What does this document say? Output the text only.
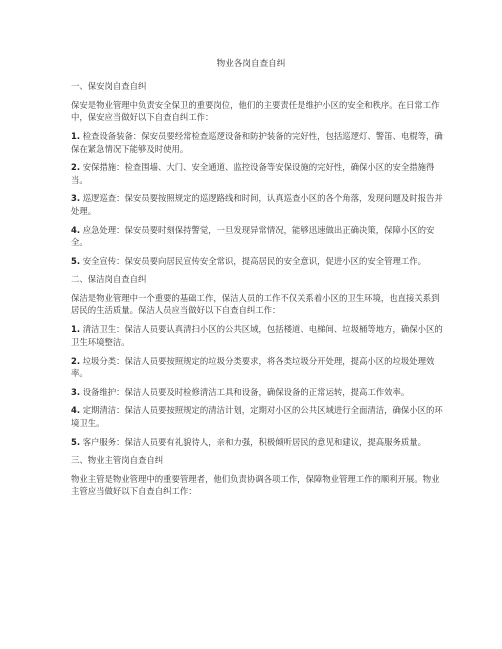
物业各岗自查自纠

一、保安岗自查自纠

保安是物业管理中负责安全保卫的重要岗位，他们的主要责任是维护小区的安全和秩序。在日常工作中，保安应当做好以下自查自纠工作：

1. 检查设备装备：保安员要经常检查巡逻设备和防护装备的完好性，包括巡逻灯、警笛、电棍等，确保在紧急情况下能够及时使用。

2. 安保措施：检查围墙、大门、安全通道、监控设备等安保设施的完好性，确保小区的安全措施得当。

3. 巡逻巡查：保安员要按照规定的巡逻路线和时间，认真巡查小区的各个角落，发现问题及时报告并处理。

4. 应急处理：保安员要时刻保持警觉，一旦发现异常情况，能够迅速做出正确决策，保障小区的安全。

5. 安全宣传：保安员要向居民宣传安全常识，提高居民的安全意识，促进小区的安全管理工作。

二、保洁岗自查自纠

保洁是物业管理中一个重要的基础工作，保洁人员的工作不仅关系着小区的卫生环境，也直接关系到居民的生活质量。保洁人员应当做好以下自查自纠工作：

1. 清洁卫生：保洁人员要认真清扫小区的公共区域，包括楼道、电梯间、垃圾桶等地方，确保小区的卫生环境整洁。

2. 垃圾分类：保洁人员要按照规定的垃圾分类要求，将各类垃圾分开处理，提高小区的垃圾处理效率。

3. 设备维护：保洁人员要及时检修清洁工具和设备，确保设备的正常运转，提高工作效率。

4. 定期清洁：保洁人员要按照规定的清洁计划，定期对小区的公共区域进行全面清洁，确保小区的环境卫生。

5. 客户服务：保洁人员要有礼貌待人，亲和力强，积极倾听居民的意见和建议，提高服务质量。

三、物业主管岗自查自纠

物业主管是物业管理中的重要管理者，他们负责协调各项工作，保障物业管理工作的顺利开展。物业主管应当做好以下自查自纠工作：
